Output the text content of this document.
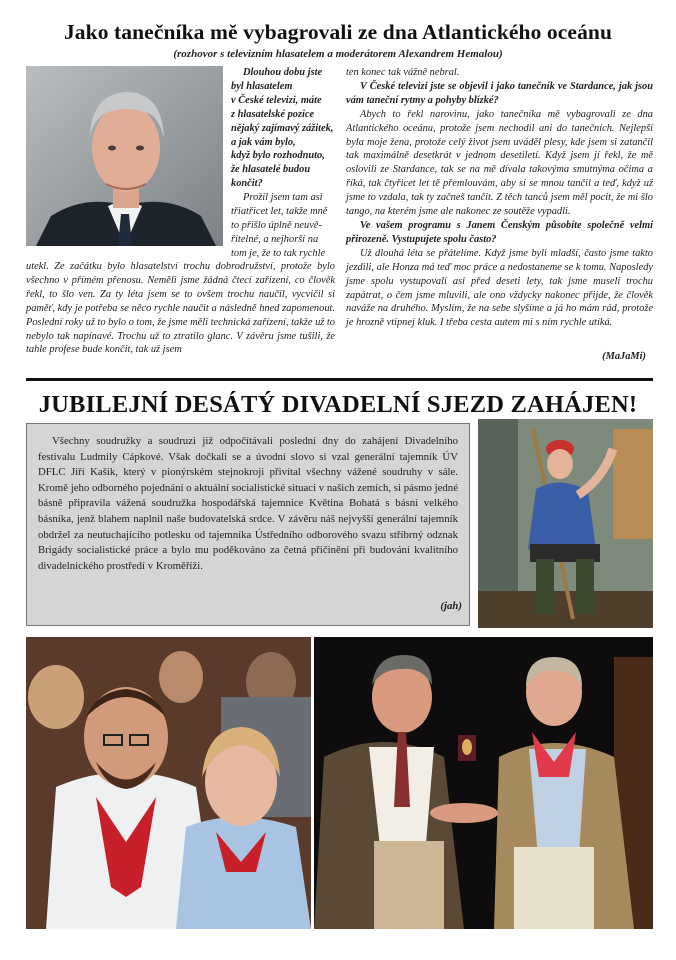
Jako tanečníka mě vybagrovali ze dna Atlantického oceánu
(rozhovor s televizním hlasatelem a moderátorem Alexandrem Hemalou)

Dlouhou dobu jste

byl hlasatelem

v České televizi, máte

z hlasatelské pozice

nějaký zajímavý zážitek,

a jak vám bylo,

když bylo rozhodnuto,

že hlasatelé budou

končit?

Prožil jsem tam asi

třiatřicet let, takže mně

to přišlo úplně neuvě-

řitelné, a nejhorší na

tom je, že to tak rychle

utekl. Ze začátku bylo hlasatelství trochu dobrodružství, protože bylo všechno v přímém přenosu. Neměli jsme žádná čtecí zařízení, co člověk řekl, to šlo ven. Za ty léta jsem se to ovšem trochu naučil, vycvičil si paměť, kdy je potřeba se něco rychle naučit a následně hned zapomenout. Poslední roky už to bylo o tom, že jsme měli technická zařízení, takže už to nebylo tak napínavé. Trochu už to ztratilo glanc. V závěru jsme tušili, že tahle profese bude končit, tak už jsem

ten konec tak vážně nebral.

V České televizi jste se objevil i jako tanečník ve Stardance, jak jsou vám taneční rytmy a pohyby blízké?

Abych to řekl narovinu, jako tanečníka mě vybagrovali ze dna Atlantického oceánu, protože jsem nechodil ani do tanečních. Nejlepší byla moje žena, protože celý život jsem uváděl plesy, kde jsem si zatančil tak maximálně desetkrát v jednom desetiletí. Když jsem jí řekl, že mě oslovili ze Stardance, tak se na mě dívala takovýma smutnýma očima a říká, tak čtyřicet let tě přemlouvám, aby si se mnou tančil a teď, když už jsme to vzdala, tak ty začneš tančit. Z těch tanců jsem měl pocit, že mi šlo tango, na kterém jsme ale nakonec ze soutěže vypadli.

Ve vašem programu s Janem Čenským působíte společně velmi přirozeně. Vystupujete spolu často?

Už dlouhá léta se přátelíme. Když jsme byli mladší, často jsme takto jezdili, ale Honza má teď moc práce a nedostaneme se k tomu. Naposledy jsme spolu vystupovali asi před deseti lety, tak jsme museli trochu zapátrat, o čem jsme mluvili, ale ono vždycky nakonec přijde, že člověk naváže na druhého. Myslím, že na sebe slyšíme a já ho mám rád, protože je hrozně vtipnej kluk. I třeba cesta autem mi s ním rychle utíká.

(MaJaMi)
JUBILEJNÍ DESÁTÝ DIVADELNÍ SJEZD ZAHÁJEN!

Všechny soudružky a soudruzi již odpočítávali poslední dny do zahájení Divadelního festivalu Ludmily Cápkové. Však dočkali se a úvodní slovo si vzal generální tajemník ÚV DFLC Jiří Kašík, který v pionýrském stejnokroji přivítal všechny vážené soudruhy v sále. Kromě jeho odborného pojednání o aktuální socialistické situaci v našich zemích, si pásmo jedné básně připravila vážená soudružka hospodářská tajemnice Květina Bohatá s básní velkého básníka, jenž blahem naplnil naše budovatelská srdce. V závěru náš nejvyšší generální tajemník obdržel za neutuchajícího potlesku od tajemníka Ústředního odborového svazu stříbrný odznak Brigády socialistické práce a bylo mu poděkováno za četná přičinění při budování kvalitního divadelnického prostředí v Kroměříži.

(jah)
